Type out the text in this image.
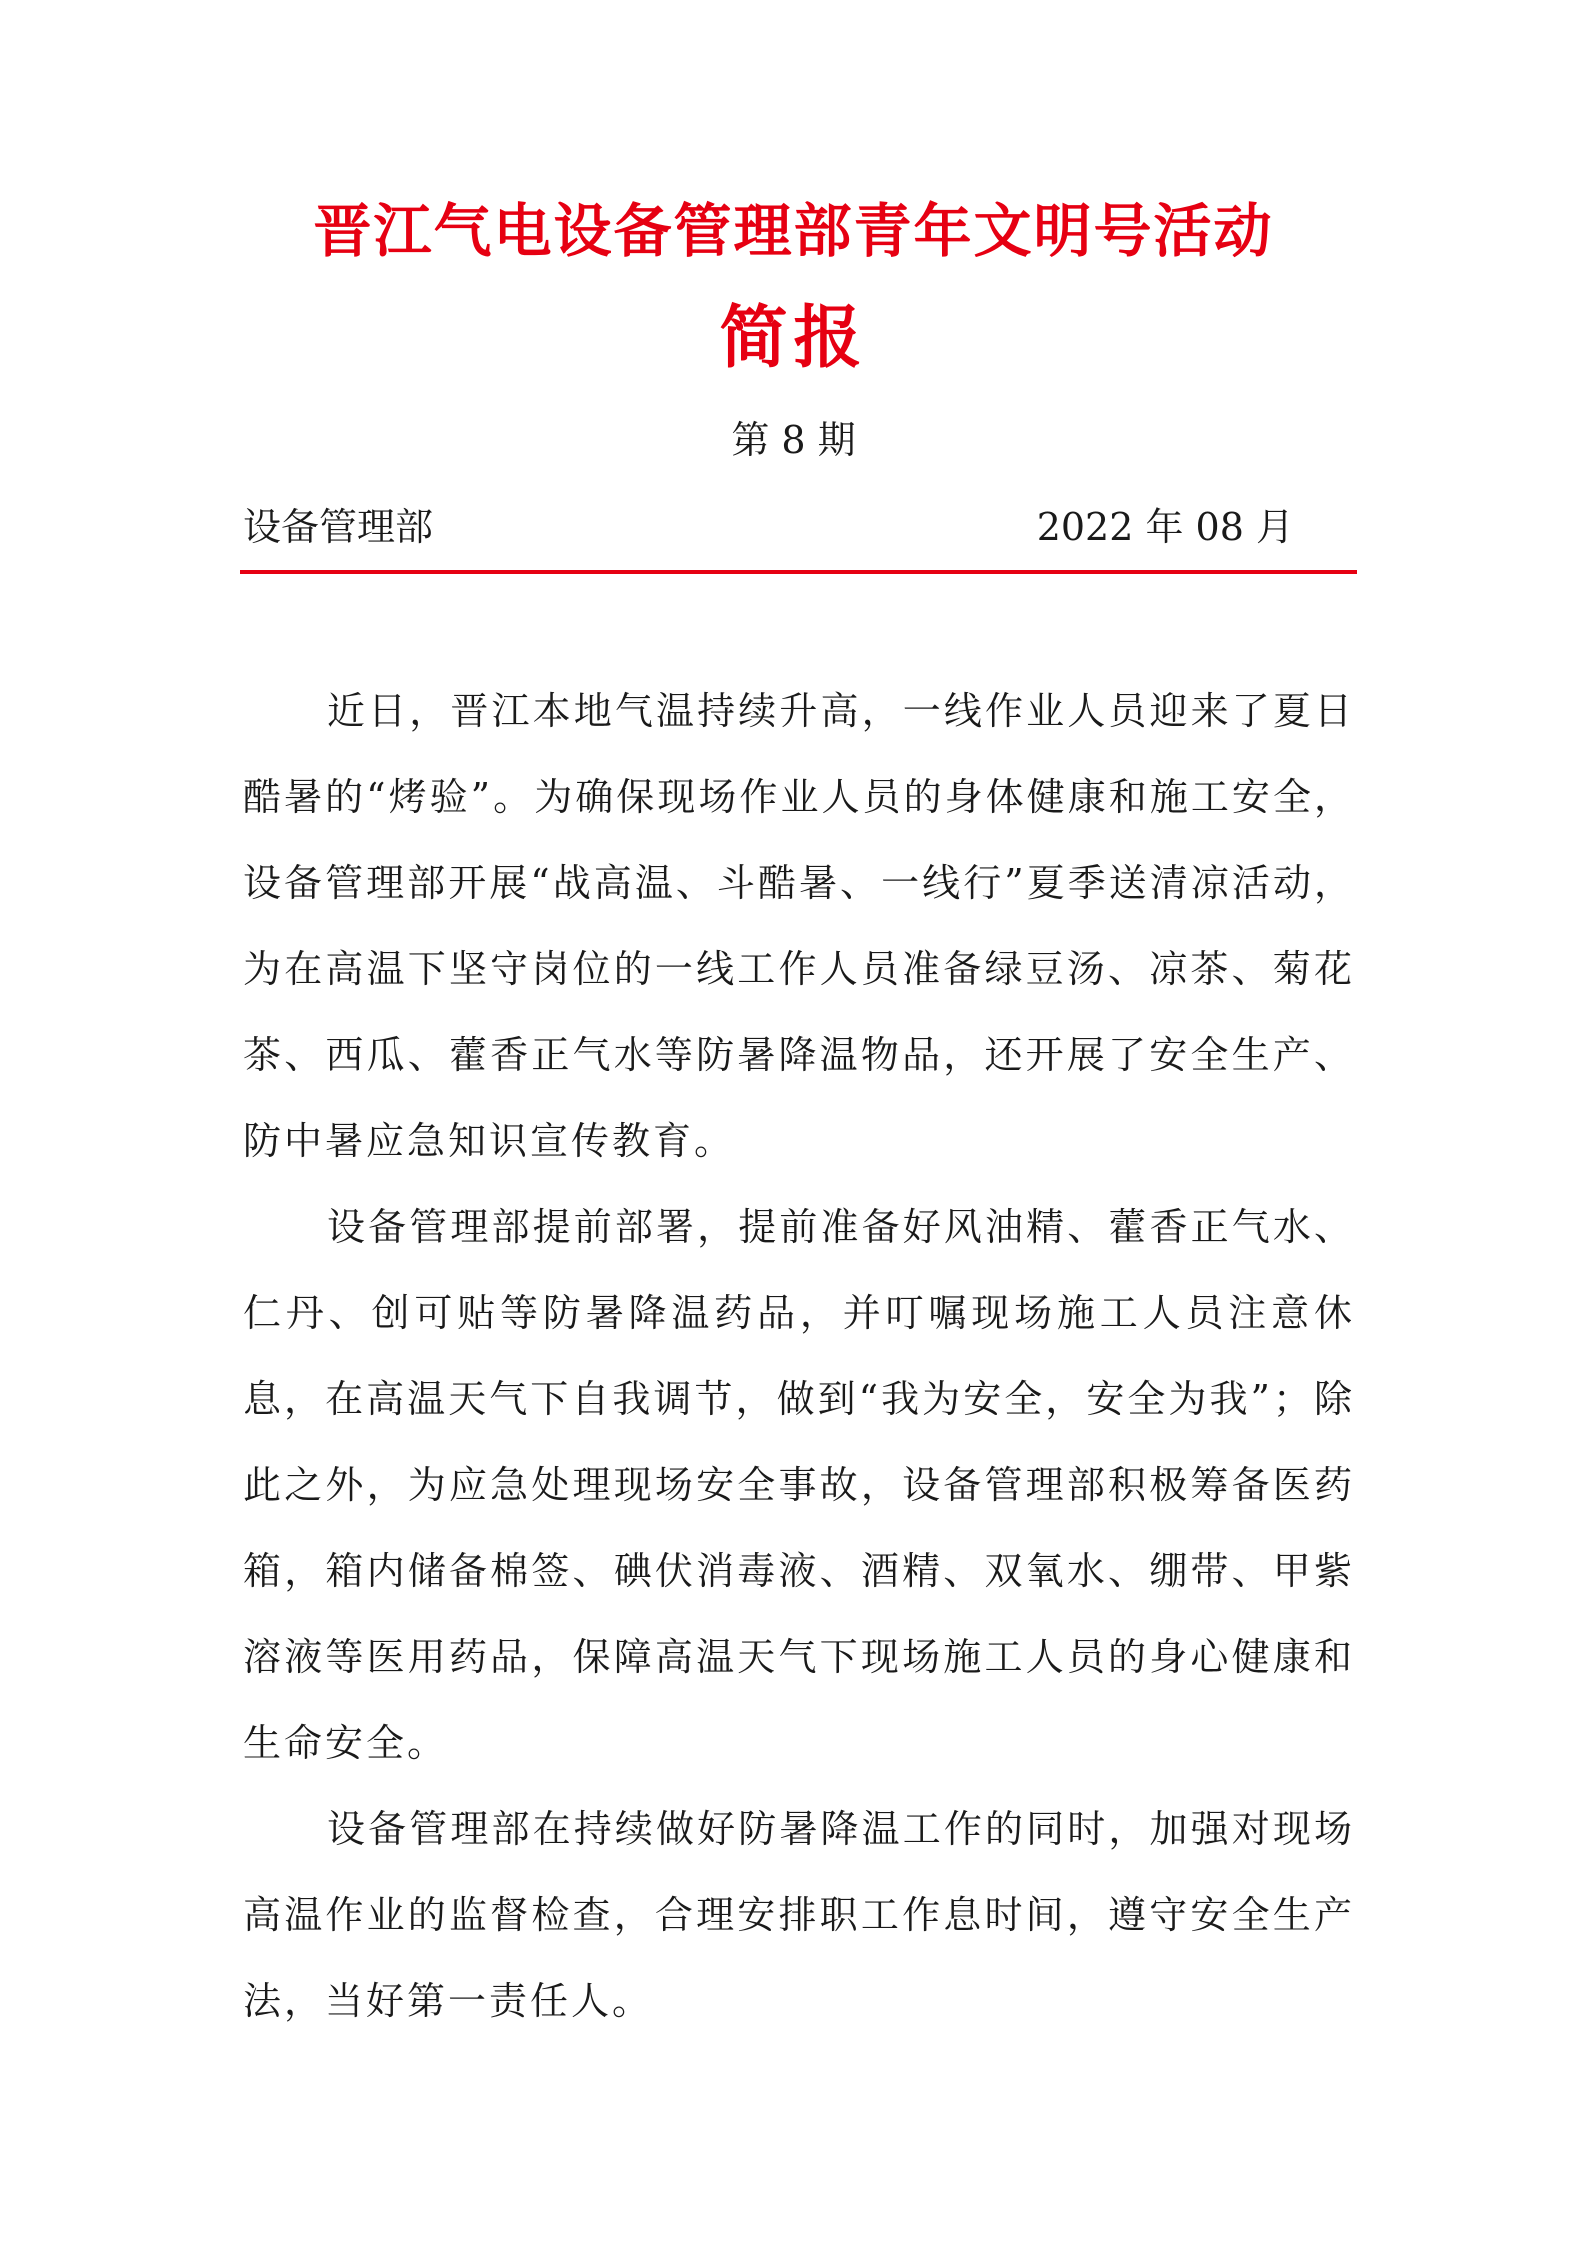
晋江气电设备管理部青年文明号活动
简报
第 8 期
设备管理部	2022 年 08 月

近日，晋江本地气温持续升高，一线作业人员迎来了夏日酷暑的“烤验”。为确保现场作业人员的身体健康和施工安全，设备管理部开展“战高温、斗酷暑、一线行”夏季送清凉活动，为在高温下坚守岗位的一线工作人员准备绿豆汤、凉茶、菊花茶、西瓜、藿香正气水等防暑降温物品，还开展了安全生产、防中暑应急知识宣传教育。

设备管理部提前部署，提前准备好风油精、藿香正气水、仁丹、创可贴等防暑降温药品，并叮嘱现场施工人员注意休息，在高温天气下自我调节，做到“我为安全，安全为我”；除此之外，为应急处理现场安全事故，设备管理部积极筹备医药箱，箱内储备棉签、碘伏消毒液、酒精、双氧水、绷带、甲紫溶液等医用药品，保障高温天气下现场施工人员的身心健康和生命安全。

设备管理部在持续做好防暑降温工作的同时，加强对现场高温作业的监督检查，合理安排职工作息时间，遵守安全生产法，当好第一责任人。
